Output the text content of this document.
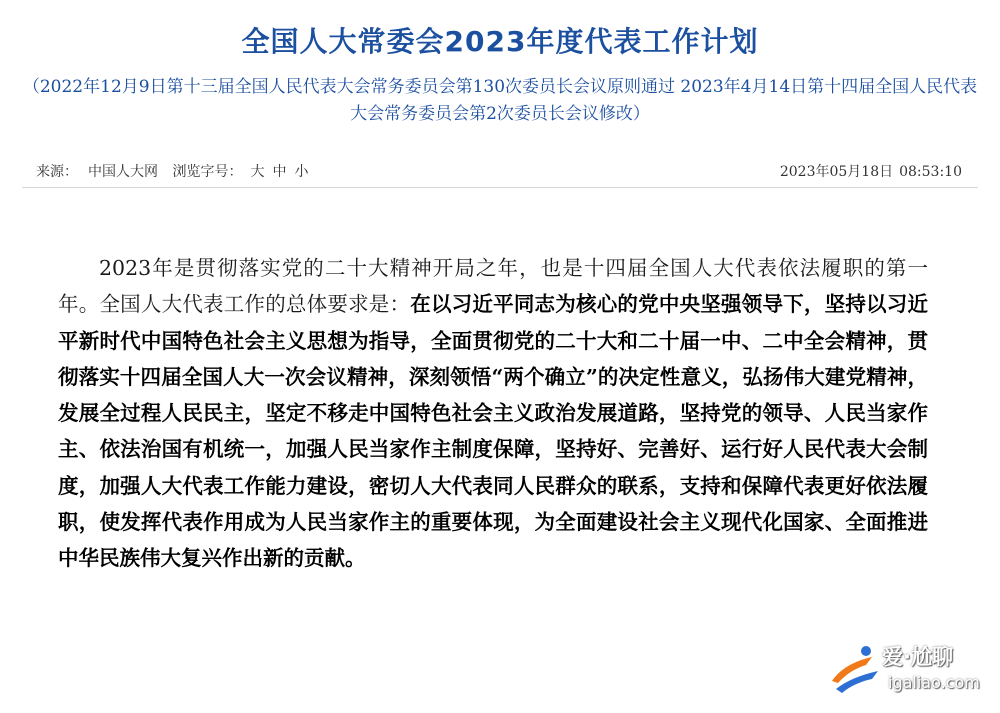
全国人大常委会2023年度代表工作计划
（2022年12月9日第十三届全国人民代表大会常务委员会第130次委员长会议原则通过 2023年4月14日第十四届全国人民代表大会常务委员会第2次委员长会议修改）
来源： 中国人大网 浏览字号： 大 中 小	2023年05月18日 08:53:10
2023年是贯彻落实党的二十大精神开局之年，也是十四届全国人大代表依法履职的第一年。全国人大代表工作的总体要求是：在以习近平同志为核心的党中央坚强领导下，坚持以习近平新时代中国特色社会主义思想为指导，全面贯彻党的二十大和二十届一中、二中全会精神，贯彻落实十四届全国人大一次会议精神，深刻领悟“两个确立”的决定性意义，弘扬伟大建党精神，发展全过程人民民主，坚定不移走中国特色社会主义政治发展道路，坚持党的领导、人民当家作主、依法治国有机统一，加强人民当家作主制度保障，坚持好、完善好、运行好人民代表大会制度，加强人大代表工作能力建设，密切人大代表同人民群众的联系，支持和保障代表更好依法履职，使发挥代表作用成为人民当家作主的重要体现，为全面建设社会主义现代化国家、全面推进中华民族伟大复兴作出新的贡献。
爱·尬聊
igaliao.com
